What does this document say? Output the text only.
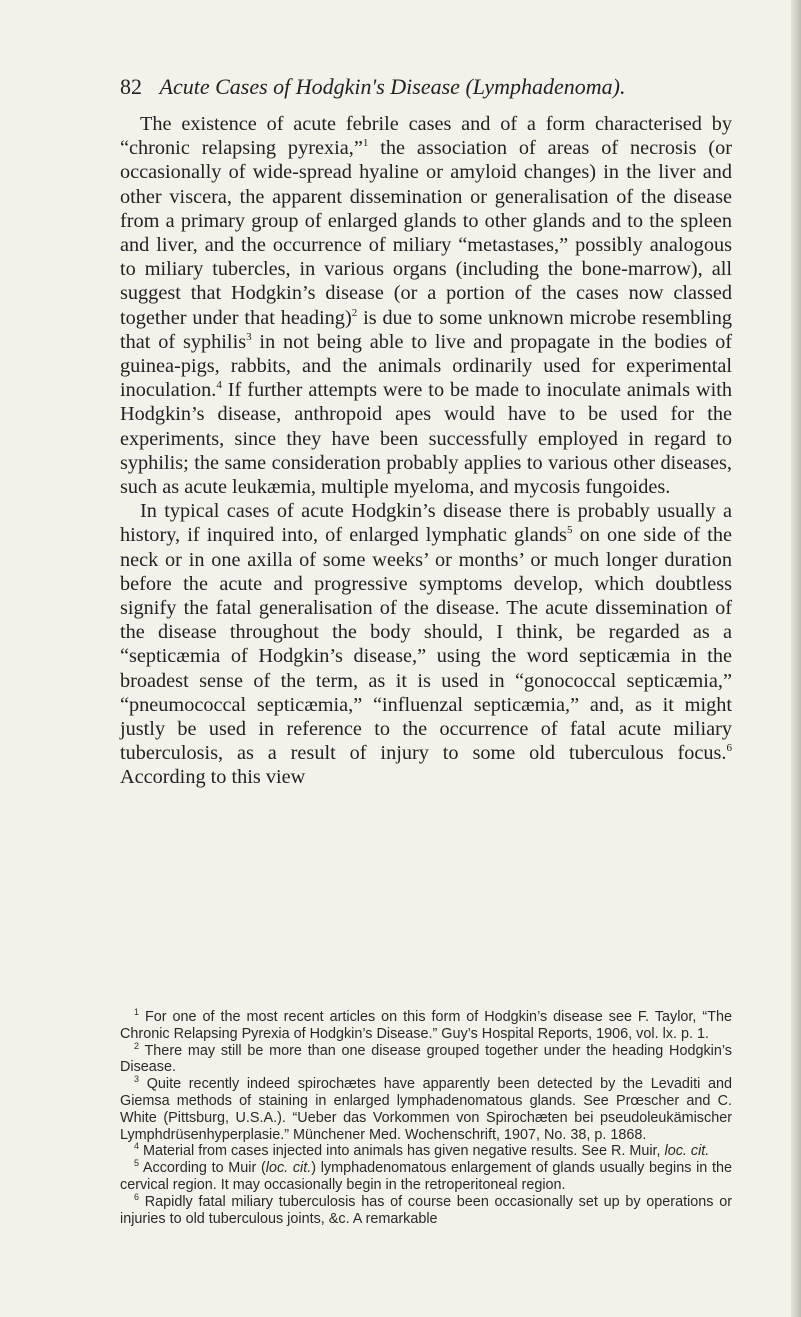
82 Acute Cases of Hodgkin's Disease (Lymphadenoma).

The existence of acute febrile cases and of a form characterised by “chronic relapsing pyrexia,”$^1$ the association of areas of necrosis (or occasionally of wide-spread hyaline or amyloid changes) in the liver and other viscera, the apparent dissemination or generalisation of the disease from a primary group of enlarged glands to other glands and to the spleen and liver, and the occurrence of miliary “metastases,” possibly analogous to miliary tubercles, in various organs (including the bone-marrow), all suggest that Hodgkin’s disease (or a portion of the cases now classed together under that heading)$^2$ is due to some unknown microbe resembling that of syphilis$^3$ in not being able to live and propagate in the bodies of guinea-pigs, rabbits, and the animals ordinarily used for experimental inoculation.$^4$ If further attempts were to be made to inoculate animals with Hodgkin’s disease, anthropoid apes would have to be used for the experiments, since they have been successfully employed in regard to syphilis; the same consideration probably applies to various other diseases, such as acute leukæmia, multiple myeloma, and mycosis fungoides.

In typical cases of acute Hodgkin’s disease there is probably usually a history, if inquired into, of enlarged lymphatic glands$^5$ on one side of the neck or in one axilla of some weeks’ or months’ or much longer duration before the acute and progressive symptoms develop, which doubtless signify the fatal generalisation of the disease. The acute dissemination of the disease throughout the body should, I think, be regarded as a “septicæmia of Hodgkin’s disease,” using the word septicæmia in the broadest sense of the term, as it is used in “gonococcal septicæmia,” “pneumococcal septicæmia,” “influenzal septicæmia,” and, as it might justly be used in reference to the occurrence of fatal acute miliary tuberculosis, as a result of injury to some old tuberculous focus.$^6$ According to this view

$^1$ For one of the most recent articles on this form of Hodgkin’s disease see F. Taylor, “The Chronic Relapsing Pyrexia of Hodgkin’s Disease.” Guy’s Hospital Reports, 1906, vol. lx. p. 1.

$^2$ There may still be more than one disease grouped together under the heading Hodgkin’s Disease.

$^3$ Quite recently indeed spirochætes have apparently been detected by the Levaditi and Giemsa methods of staining in enlarged lymphadenomatous glands. See Prœscher and C. White (Pittsburg, U.S.A.). “Ueber das Vorkommen von Spirochæten bei pseudoleukämischer Lymphdrüsenhyperplasie.” Münchener Med. Wochenschrift, 1907, No. 38, p. 1868.

$^4$ Material from cases injected into animals has given negative results. See R. Muir, loc. cit.

$^5$ According to Muir (loc. cit.) lymphadenomatous enlargement of glands usually begins in the cervical region. It may occasionally begin in the retroperitoneal region.

$^6$ Rapidly fatal miliary tuberculosis has of course been occasionally set up by operations or injuries to old tuberculous joints, &c. A remarkable
